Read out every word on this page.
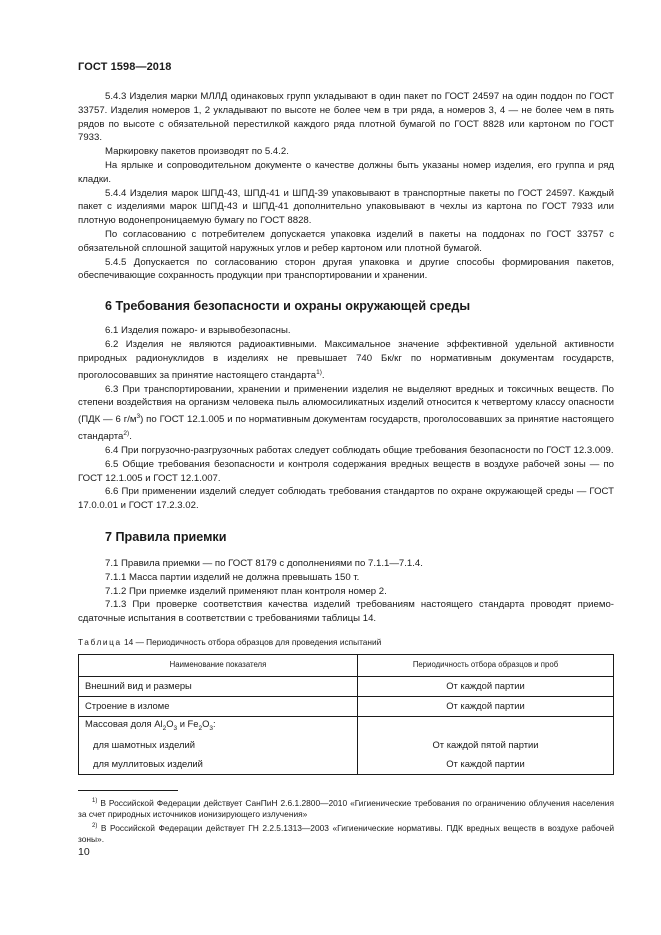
ГОСТ 1598—2018

5.4.3 Изделия марки МЛЛД одинаковых групп укладывают в один пакет по ГОСТ 24597 на один поддон по ГОСТ 33757. Изделия номеров 1, 2 укладывают по высоте не более чем в три ряда, а номеров 3, 4 — не более чем в пять рядов по высоте с обязательной перестилкой каждого ряда плотной бумагой по ГОСТ 8828 или картоном по ГОСТ 7933.

Маркировку пакетов производят по 5.4.2.

На ярлыке и сопроводительном документе о качестве должны быть указаны номер изделия, его группа и ряд кладки.

5.4.4 Изделия марок ШПД-43, ШПД-41 и ШПД-39 упаковывают в транспортные пакеты по ГОСТ 24597. Каждый пакет с изделиями марок ШПД-43 и ШПД-41 дополнительно упаковывают в чехлы из картона по ГОСТ 7933 или плотную водонепроницаемую бумагу по ГОСТ 8828.

По согласованию с потребителем допускается упаковка изделий в пакеты на поддонах по ГОСТ 33757 с обязательной сплошной защитой наружных углов и ребер картоном или плотной бумагой.

5.4.5 Допускается по согласованию сторон другая упаковка и другие способы формирования пакетов, обеспечивающие сохранность продукции при транспортировании и хранении.

6 Требования безопасности и охраны окружающей среды

6.1 Изделия пожаро- и взрывобезопасны.

6.2 Изделия не являются радиоактивными. Максимальное значение эффективной удельной активности природных радионуклидов в изделиях не превышает 740 Бк/кг по нормативным документам государств, проголосовавших за принятие настоящего стандарта$^{1)}$.

6.3 При транспортировании, хранении и применении изделия не выделяют вредных и токсичных веществ. По степени воздействия на организм человека пыль алюмосиликатных изделий относится к четвертому классу опасности (ПДК — 6 $г/м^3$) по ГОСТ 12.1.005 и по нормативным документам государств, проголосовавших за принятие настоящего стандарта$^{2)}$.

6.4 При погрузочно-разгрузочных работах следует соблюдать общие требования безопасности по ГОСТ 12.3.009.

6.5 Общие требования безопасности и контроля содержания вредных веществ в воздухе рабочей зоны — по ГОСТ 12.1.005 и ГОСТ 12.1.007.

6.6 При применении изделий следует соблюдать требования стандартов по охране окружающей среды — ГОСТ 17.0.0.01 и ГОСТ 17.2.3.02.

7 Правила приемки

7.1 Правила приемки — по ГОСТ 8179 с дополнениями по 7.1.1—7.1.4.

7.1.1 Масса партии изделий не должна превышать 150 т.

7.1.2 При приемке изделий применяют план контроля номер 2.

7.1.3 При проверке соответствия качества изделий требованиям настоящего стандарта проводят приемо-сдаточные испытания в соответствии с требованиями таблицы 14.

Таблица 14 — Периодичность отбора образцов для проведения испытаний
Наименование показателя	Периодичность отбора образцов и проб
Внешний вид и размеры	От каждой партии
Строение в изломе	От каждой партии
Массовая доля $Al_2O_3$ и $Fe_2O_3$:	
для шамотных изделий	От каждой пятой партии
для муллитовых изделий	От каждой партии
$^{1)}$ В Российской Федерации действует СанПиН 2.6.1.2800—2010 «Гигиенические требования по ограничению облучения населения за счет природных источников ионизирующего излучения»
$^{2)}$ В Российской Федерации действует ГН 2.2.5.1313—2003 «Гигиенические нормативы. ПДК вредных веществ в воздухе рабочей зоны».
10
